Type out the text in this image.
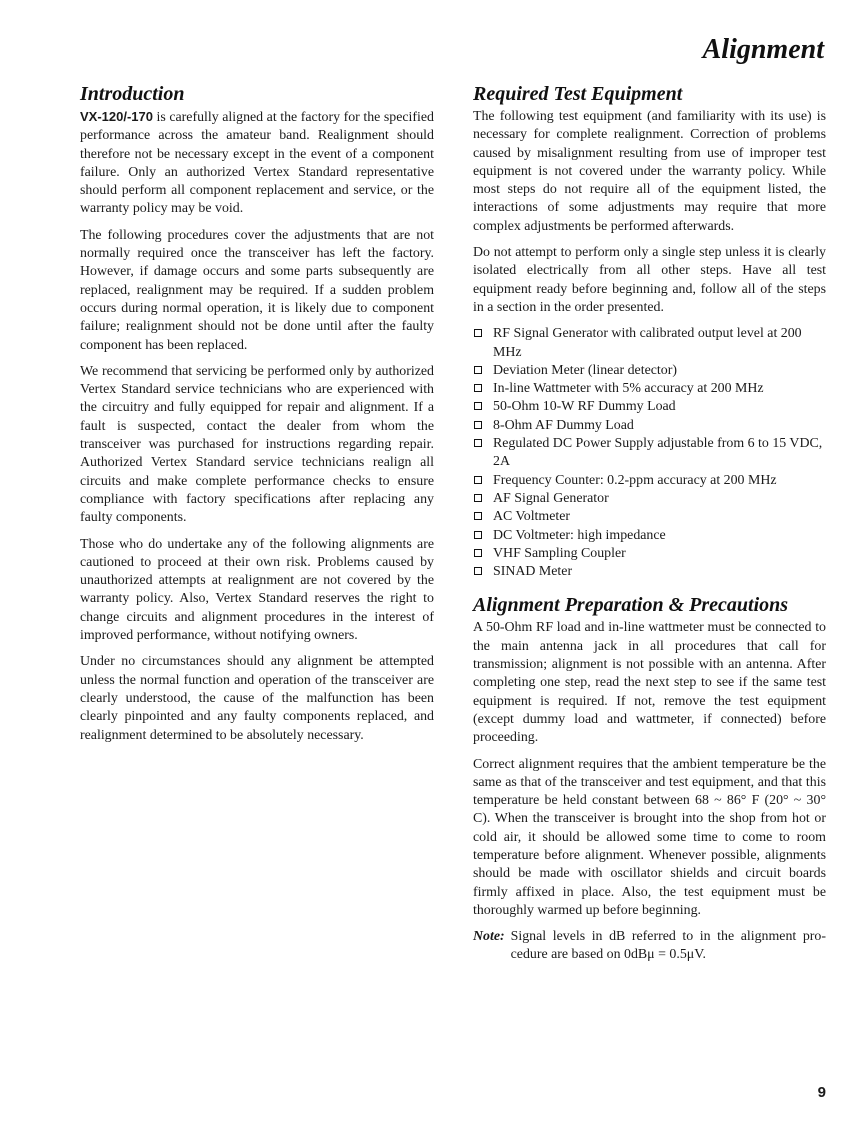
Alignment
Introduction

VX-120/-170 is carefully aligned at the factory for the specified performance across the amateur band. Realignment should therefore not be necessary except in the event of a component failure. Only an authorized Vertex Standard representative should perform all component replacement and service, or the warranty policy may be void.

The following procedures cover the adjustments that are not normally required once the transceiver has left the factory. However, if damage occurs and some parts subsequently are replaced, realignment may be required. If a sudden problem occurs during normal operation, it is likely due to component failure; realignment should not be done until after the faulty component has been replaced.

We recommend that servicing be performed only by authorized Vertex Standard service technicians who are experienced with the circuitry and fully equipped for repair and alignment. If a fault is suspected, contact the dealer from whom the transceiver was purchased for instructions regarding repair. Authorized Vertex Standard service technicians realign all circuits and make complete performance checks to ensure compliance with factory specifications after replacing any faulty components.

Those who do undertake any of the following alignments are cautioned to proceed at their own risk. Problems caused by unauthorized attempts at realignment are not covered by the warranty policy. Also, Vertex Standard reserves the right to change circuits and alignment procedures in the interest of improved performance, without notifying owners.

Under no circumstances should any alignment be attempted unless the normal function and operation of the transceiver are clearly understood, the cause of the malfunction has been clearly pinpointed and any faulty components replaced, and realignment determined to be absolutely necessary.

Required Test Equipment

The following test equipment (and familiarity with its use) is necessary for complete realignment. Correction of problems caused by misalignment resulting from use of improper test equipment is not covered under the warranty policy. While most steps do not require all of the equipment listed, the interactions of some adjustments may require that more complex adjustments be performed afterwards.

Do not attempt to perform only a single step unless it is clearly isolated electrically from all other steps. Have all test equipment ready before beginning and, follow all of the steps in a section in the order presented.

RF Signal Generator with calibrated output level at 200 MHz
Deviation Meter (linear detector)
In-line Wattmeter with 5% accuracy at 200 MHz
50-Ohm 10-W RF Dummy Load
8-Ohm AF Dummy Load
Regulated DC Power Supply adjustable from 6 to 15 VDC, 2A
Frequency Counter: 0.2-ppm accuracy at 200 MHz
AF Signal Generator
AC Voltmeter
DC Voltmeter: high impedance
VHF Sampling Coupler
SINAD Meter
Alignment Preparation & Precautions

A 50-Ohm RF load and in-line wattmeter must be connected to the main antenna jack in all procedures that call for transmission; alignment is not possible with an antenna. After completing one step, read the next step to see if the same test equipment is required. If not, remove the test equipment (except dummy load and wattmeter, if connected) before proceeding.

Correct alignment requires that the ambient temperature be the same as that of the transceiver and test equipment, and that this temperature be held constant between 68 ~ 86° F (20° ~ 30° C). When the transceiver is brought into the shop from hot or cold air, it should be allowed some time to come to room temperature before alignment. Whenever possible, alignments should be made with oscillator shields and circuit boards firmly affixed in place. Also, the test equipment must be thoroughly warmed up before beginning.

Note: Signal levels in dB referred to in the alignment procedure are based on 0dBμ = 0.5μV.

9
